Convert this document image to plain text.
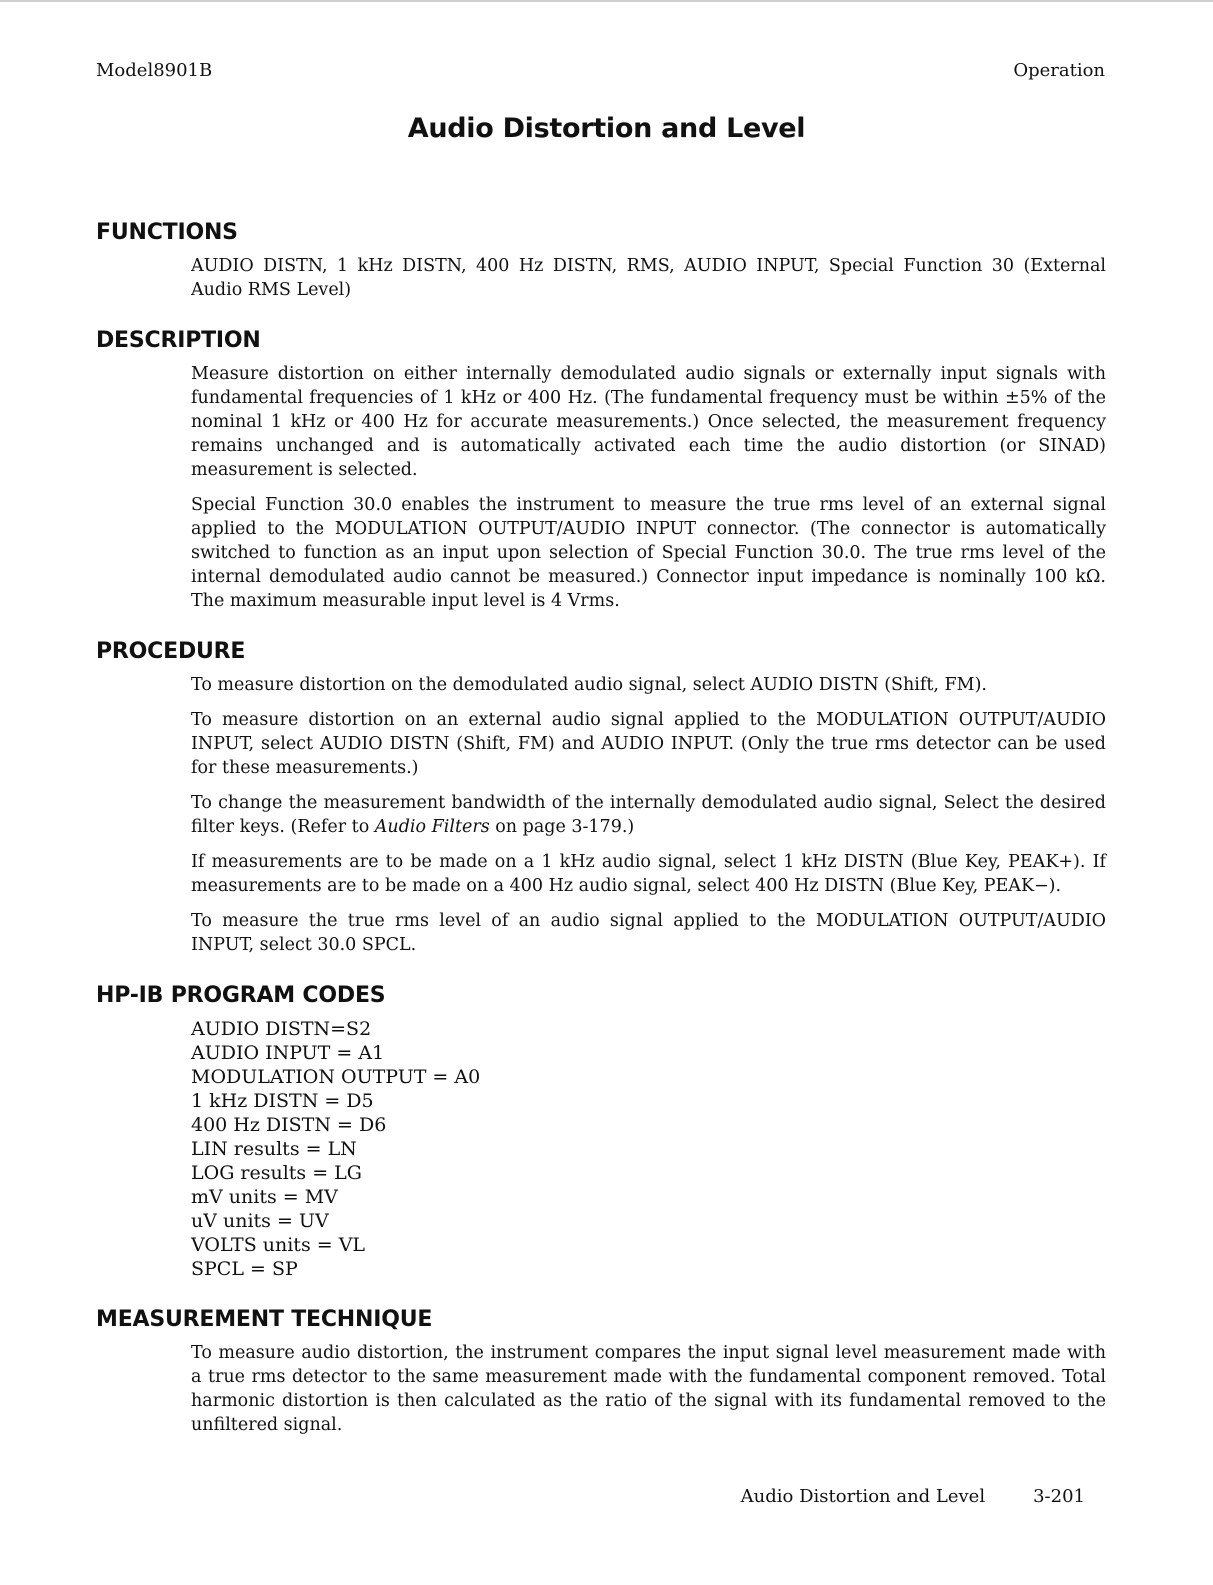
Model8901B	Operation
Audio Distortion and Level
FUNCTIONS

AUDIO DISTN, 1 kHz DISTN, 400 Hz DISTN, RMS, AUDIO INPUT, Special Function 30 (External Audio RMS Level)

DESCRIPTION

Measure distortion on either internally demodulated audio signals or externally input signals with fundamental frequencies of 1 kHz or 400 Hz. (The fundamental frequency must be within ±5% of the nominal 1 kHz or 400 Hz for accurate measurements.) Once selected, the measurement frequency remains unchanged and is automatically activated each time the audio distortion (or SINAD) measurement is selected.

Special Function 30.0 enables the instrument to measure the true rms level of an external signal applied to the MODULATION OUTPUT/AUDIO INPUT connector. (The connector is automatically switched to function as an input upon selection of Special Function 30.0. The true rms level of the internal demodulated audio cannot be measured.) Connector input impedance is nominally 100 kΩ. The maximum measurable input level is 4 Vrms.

PROCEDURE

To measure distortion on the demodulated audio signal, select AUDIO DISTN (Shift, FM).

To measure distortion on an external audio signal applied to the MODULATION OUTPUT/AUDIO INPUT, select AUDIO DISTN (Shift, FM) and AUDIO INPUT. (Only the true rms detector can be used for these measurements.)

To change the measurement bandwidth of the internally demodulated audio signal, Select the desired filter keys. (Refer to Audio Filters on page 3-179.)

If measurements are to be made on a 1 kHz audio signal, select 1 kHz DISTN (Blue Key, PEAK+). If measurements are to be made on a 400 Hz audio signal, select 400 Hz DISTN (Blue Key, PEAK−).

To measure the true rms level of an audio signal applied to the MODULATION OUTPUT/AUDIO INPUT, select 30.0 SPCL.

HP-IB PROGRAM CODES
AUDIO DISTN=S2
AUDIO INPUT = A1
MODULATION OUTPUT = A0
1 kHz DISTN = D5
400 Hz DISTN = D6
LIN results = LN
LOG results = LG
mV units = MV
uV units = UV
VOLTS units = VL
SPCL = SP
MEASUREMENT TECHNIQUE

To measure audio distortion, the instrument compares the input signal level measurement made with a true rms detector to the same measurement made with the fundamental component removed. Total harmonic distortion is then calculated as the ratio of the signal with its fundamental removed to the unfiltered signal.

Audio Distortion and Level	3-201
